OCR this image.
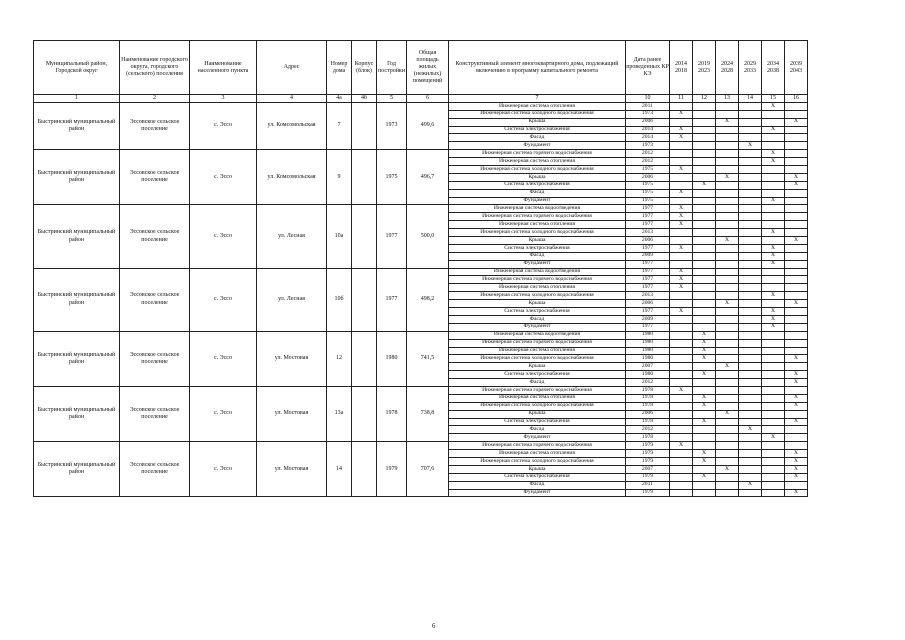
Муниципальный район, Городской округ	Наименование городского округа, городского (сельского) поселения	Наименование населенного пункта	Адрес	Номер дома	Корпус (блок)	Год постройки	Общая площадь жилых (нежилых) помещений	Конструктивный элемент многоквартирного дома, подлежащий включению в программу капитального ремонта	Дата ранее проведенных КР КЭ	2014 2018	2019 2023	2024 2028	2029 2033	2034 2038	2039 2043
1	2	3	4	4а	4б	5	6	7	10	11	12	13	14	15	16
Быстринский муниципальный район	Эссовское сельское поселение	с. Эссо	ул. Комсомольская	7		1973	499,6	Инженерная система отопления	2011					X	
								Инженерная система холодного водоснабжения	1973	X					
								Крыша	2006			X			X
								Система электроснабжения	2014	X				X	
								Фасад	2014	X					
								Фундамент	1973				X		
Быстринский муниципальный район	Эссовское сельское поселение	с. Эссо	ул. Комсомольская	9		1975	496,7	Инженерная система горячего водоснабжения	2012					X	
								Инженерная система отопления	2012					X	
								Инженерная система холодного водоснабжения	1975	X					
								Крыша	2006			X			X
								Система электроснабжения	1975		X				X
								Фасад	1975	X					
								Фундамент	1975					X	
Быстринский муниципальный район	Эссовское сельское поселение	с. Эссо	ул. Лесная	10а		1977	500,0	Инженерная система водоотведения	1977	X					
								Инженерная система горячего водоснабжения	1977	X					
								Инженерная система отопления	1977	X					
								Инженерная система холодного водоснабжения	2013					X	
								Крыша	2006			X			X
								Система электроснабжения	1977	X				X	
								Фасад	2009					X	
								Фундамент	1977					X	
Быстринский муниципальный район	Эссовское сельское поселение	с. Эссо	ул. Лесная	10б		1977	498,2	Инженерная система водоотведения	1977	X					
								Инженерная система горячего водоснабжения	1977	X					
								Инженерная система отопления	1977	X					
								Инженерная система холодного водоснабжения	2013					X	
								Крыша	2006			X			X
								Система электроснабжения	1977	X				X	
								Фасад	2009					X	
								Фундамент	1977					X	
Быстринский муниципальный район	Эссовское сельское поселение	с. Эссо	ул. Мостовая	12		1980	741,5	Инженерная система водоотведения	1980		X				
								Инженерная система горячего водоснабжения	1980		X				
								Инженерная система отопления	1980		X				
								Инженерная система холодного водоснабжения	1980		X				X
								Крыша	2007			X			
								Система электроснабжения	1980		X				X
								Фасад	2012						X
Быстринский муниципальный район	Эссовское сельское поселение	с. Эссо	ул. Мостовая	13а		1978	738,8	Инженерная система горячего водоснабжения	1978	X					
								Инженерная система отопления	1978		X				X
								Инженерная система холодного водоснабжения	1978		X				X
								Крыша	2006			X			
								Система электроснабжения	1978		X				X
								Фасад	2012				X		
								Фундамент	1978					X	
Быстринский муниципальный район	Эссовское сельское поселение	с. Эссо	ул. Мостовая	14		1979	707,6	Инженерная система горячего водоснабжения	1979	X					
								Инженерная система отопления	1979		X				X
								Инженерная система холодного водоснабжения	1979		X				X
								Крыша	2007			X			X
								Система электроснабжения	1979		X				X
								Фасад	2011				X		
								Фундамент	1979						X
6
